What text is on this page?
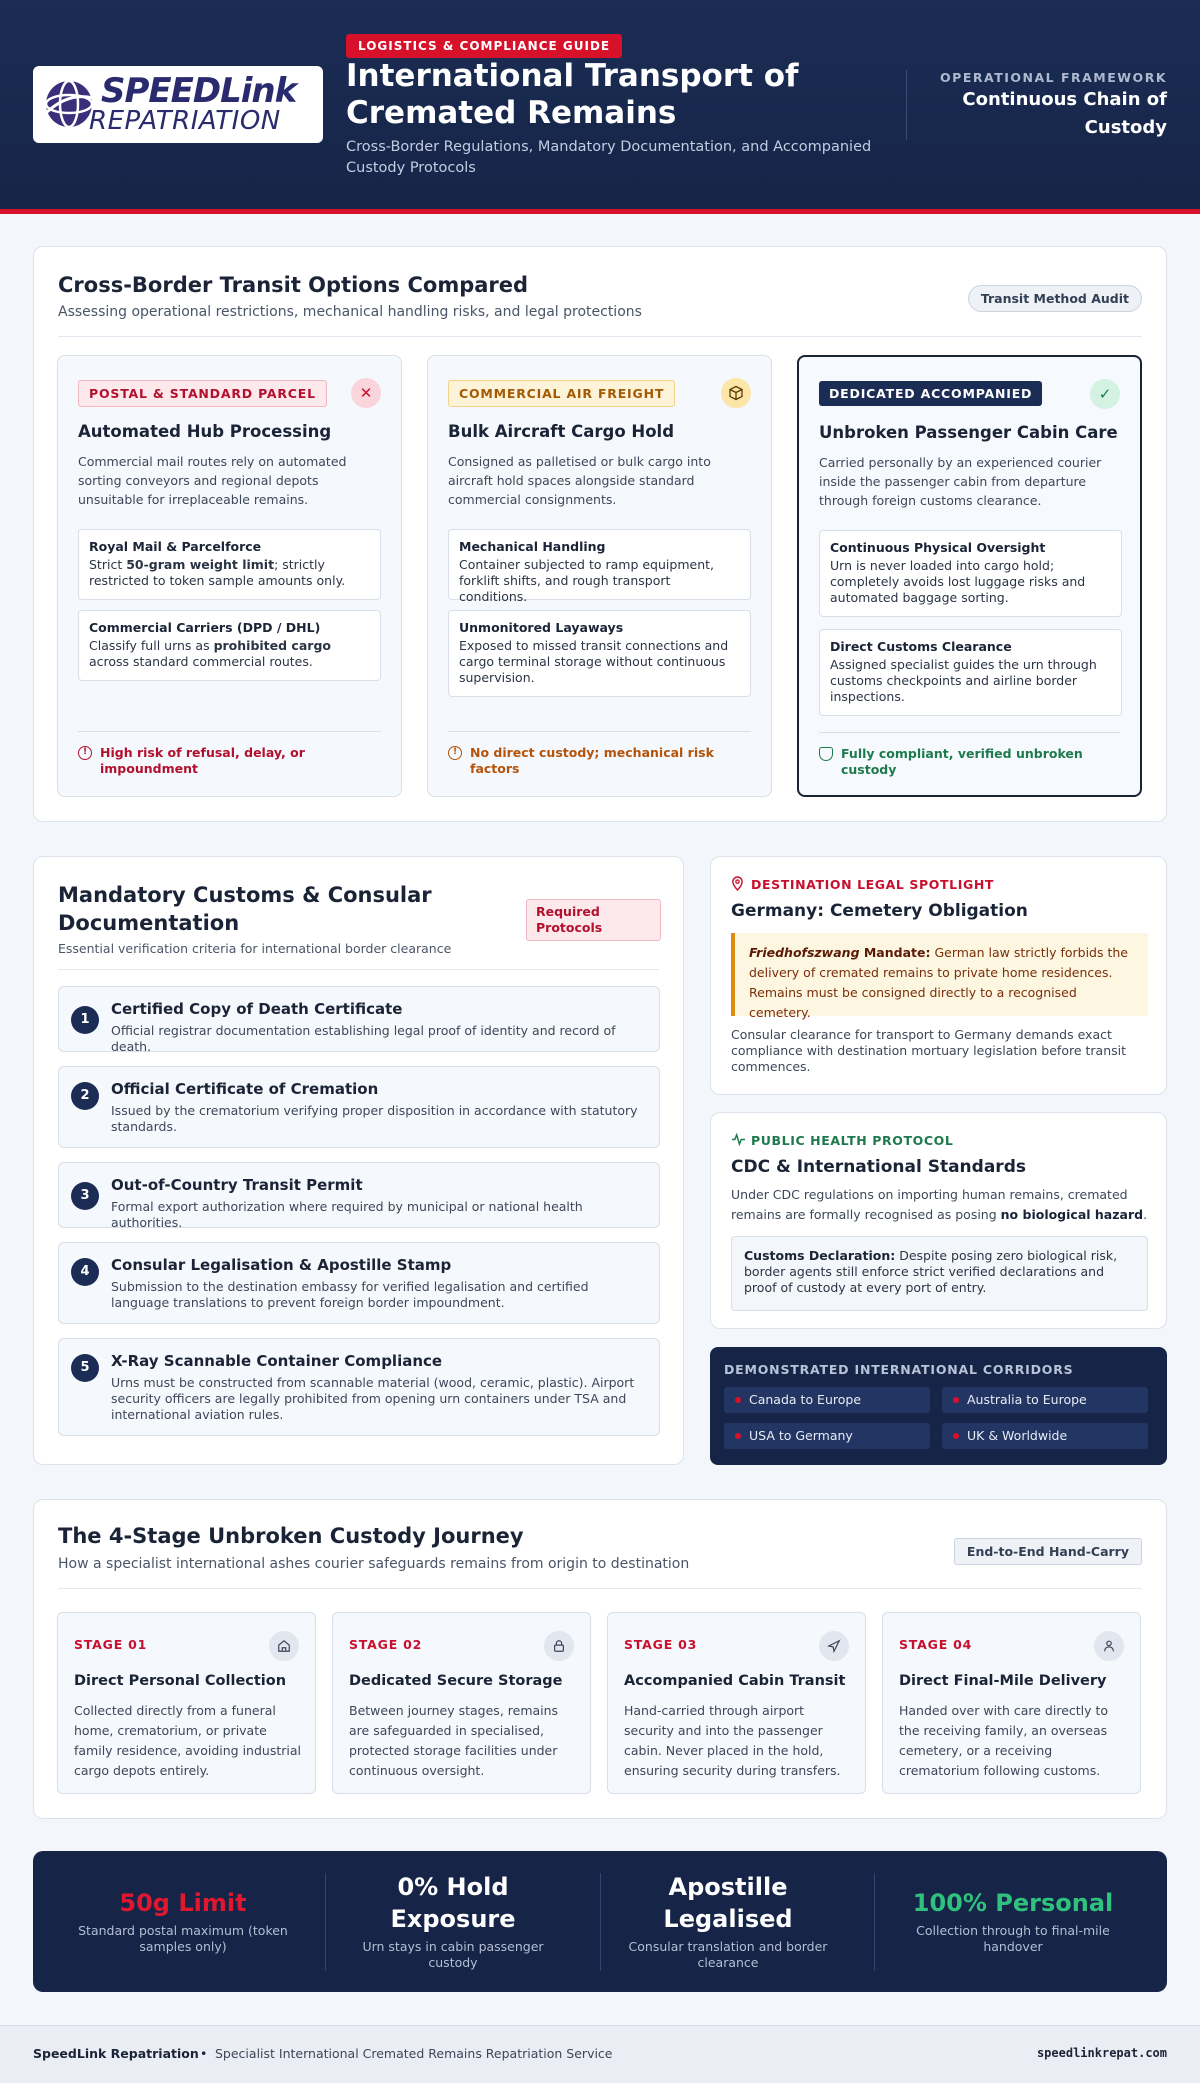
SPEEDLink
REPATRIATION
LOGISTICS & COMPLIANCE GUIDE
International Transport of Cremated Remains
Cross-Border Regulations, Mandatory Documentation, and Accompanied Custody Protocols
OPERATIONAL FRAMEWORK
Continuous Chain of Custody
Cross-Border Transit Options Compared
Assessing operational restrictions, mechanical handling risks, and legal protections
Transit Method Audit
POSTAL & STANDARD PARCEL	✕
Automated Hub Processing
Commercial mail routes rely on automated sorting conveyors and regional depots unsuitable for irreplaceable remains.
Royal Mail & Parcelforce
Strict 50-gram weight limit; strictly restricted to token sample amounts only.
Commercial Carriers (DPD / DHL)
Classify full urns as prohibited cargo across standard commercial routes.
!	High risk of refusal, delay, or impoundment
COMMERCIAL AIR FREIGHT
Bulk Aircraft Cargo Hold
Consigned as palletised or bulk cargo into aircraft hold spaces alongside standard commercial consignments.
Mechanical Handling
Container subjected to ramp equipment, forklift shifts, and rough transport conditions.
Unmonitored Layaways
Exposed to missed transit connections and cargo terminal storage without continuous supervision.
!	No direct custody; mechanical risk factors
DEDICATED ACCOMPANIED	✓
Unbroken Passenger Cabin Care
Carried personally by an experienced courier inside the passenger cabin from departure through foreign customs clearance.
Continuous Physical Oversight
Urn is never loaded into cargo hold; completely avoids lost luggage risks and automated baggage sorting.
Direct Customs Clearance
Assigned specialist guides the urn through customs checkpoints and airline border inspections.
Fully compliant, verified unbroken custody
Mandatory Customs & Consular Documentation
Essential verification criteria for international border clearance
Required Protocols
1
Certified Copy of Death Certificate
Official registrar documentation establishing legal proof of identity and record of death.
2	Official Certificate of Cremation
Issued by the crematorium verifying proper disposition in accordance with statutory standards.
3
Out-of-Country Transit Permit
Formal export authorization where required by municipal or national health authorities.
4	Consular Legalisation & Apostille Stamp
Submission to the destination embassy for verified legalisation and certified language translations to prevent foreign border impoundment.
5	X-Ray Scannable Container Compliance
Urns must be constructed from scannable material (wood, ceramic, plastic). Airport security officers are legally prohibited from opening urn containers under TSA and international aviation rules.
DESTINATION LEGAL SPOTLIGHT
Germany: Cemetery Obligation
Friedhofszwang Mandate: German law strictly forbids the delivery of cremated remains to private home residences. Remains must be consigned directly to a recognised cemetery.
Consular clearance for transport to Germany demands exact compliance with destination mortuary legislation before transit commences.
PUBLIC HEALTH PROTOCOL
CDC & International Standards
Under CDC regulations on importing human remains, cremated remains are formally recognised as posing no biological hazard.
Customs Declaration: Despite posing zero biological risk, border agents still enforce strict verified declarations and proof of custody at every port of entry.
DEMONSTRATED INTERNATIONAL CORRIDORS
Canada to Europe	Australia to Europe
USA to Germany	UK & Worldwide
The 4-Stage Unbroken Custody Journey
How a specialist international ashes courier safeguards remains from origin to destination
End-to-End Hand-Carry
STAGE 01
Direct Personal Collection
Collected directly from a funeral home, crematorium, or private family residence, avoiding industrial cargo depots entirely.
STAGE 02
Dedicated Secure Storage
Between journey stages, remains are safeguarded in specialised, protected storage facilities under continuous oversight.
STAGE 03
Accompanied Cabin Transit
Hand-carried through airport security and into the passenger cabin. Never placed in the hold, ensuring security during transfers.
STAGE 04
Direct Final-Mile Delivery
Handed over with care directly to the receiving family, an overseas cemetery, or a receiving crematorium following customs.
50g Limit
Standard postal maximum (token samples only)
0% Hold Exposure
Urn stays in cabin passenger custody
Apostille Legalised
Consular translation and border clearance
100% Personal
Collection through to final-mile handover
SpeedLink Repatriation • Specialist International Cremated Remains Repatriation Service	speedlinkrepat.com
